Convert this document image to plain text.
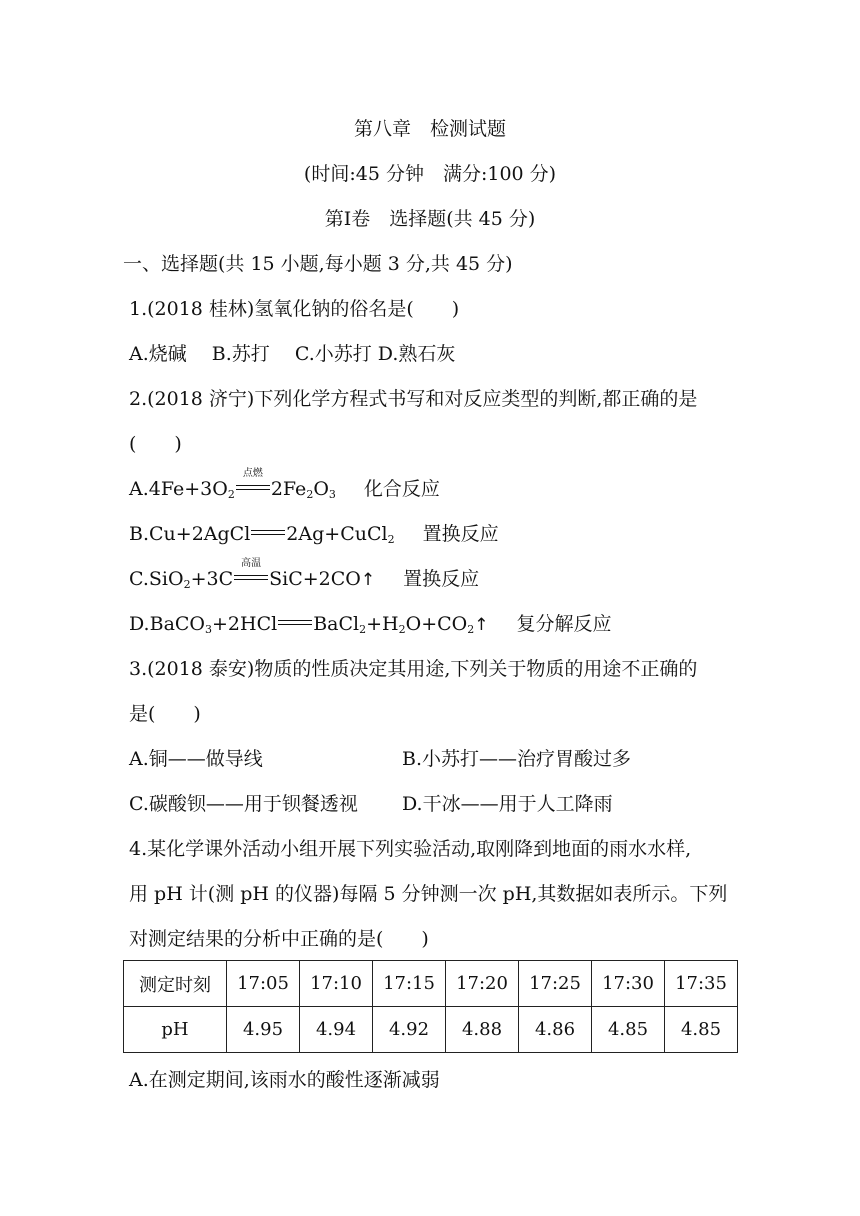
第八章　检测试题
(时间:45 分钟　满分:100 分)
第Ⅰ卷　选择题(共 45 分)
一、选择题(共 15 小题,每小题 3 分,共 45 分)
1.(2018 桂林)氢氧化钠的俗名是(　　)
A.烧碱　 B.苏打　 C.小苏打 D.熟石灰
2.(2018 济宁)下列化学方程式书写和对反应类型的判断,都正确的是
(　　)
$A.4Fe+3O_2$
点燃
$2Fe_2O_3$ 化合反应
B.Cu+2AgCl 2Ag+CuCl$_2$ 置换反应
C.SiO$_2$+3C
高温
SiC+2CO↑ 置换反应
D.BaCO$_3$+2HCl $BaCl_2+H_2O+CO_2↑$ 复分解反应
3.(2018 泰安)物质的性质决定其用途,下列关于物质的用途不正确的
是(　　)
A.铜——做导线	B.小苏打——治疗胃酸过多
C.碳酸钡——用于钡餐透视 D.干冰——用于人工降雨
4.某化学课外活动小组开展下列实验活动,取刚降到地面的雨水水样,
用 pH 计(测 pH 的仪器)每隔 5 分钟测一次 pH,其数据如表所示。下列
对测定结果的分析中正确的是(　　)
测定时刻	17:05	17:10	17:15	17:20	17:25	17:30	17:35
pH	4.95	4.94	4.92	4.88	4.86	4.85	4.85
A.在测定期间,该雨水的酸性逐渐减弱
